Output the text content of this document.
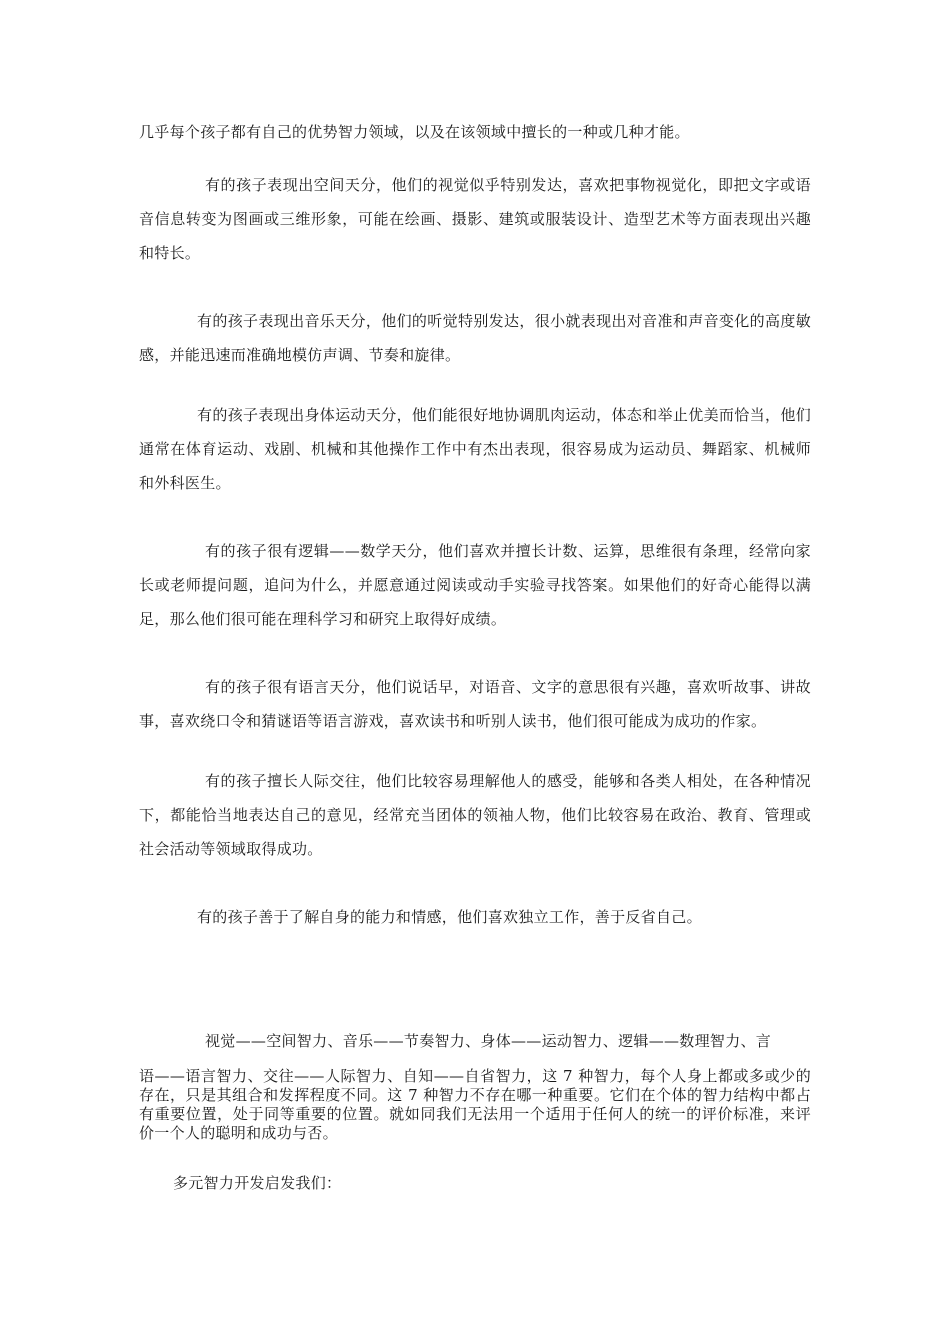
几乎每个孩子都有自己的优势智力领域，以及在该领域中擅长的一种或几种才能。

有的孩子表现出空间天分，他们的视觉似乎特别发达，喜欢把事物视觉化，即把文字或语音信息转变为图画或三维形象，可能在绘画、摄影、建筑或服装设计、造型艺术等方面表现出兴趣和特长。

有的孩子表现出音乐天分，他们的听觉特别发达，很小就表现出对音准和声音变化的高度敏感，并能迅速而准确地模仿声调、节奏和旋律。

有的孩子表现出身体运动天分，他们能很好地协调肌肉运动，体态和举止优美而恰当，他们通常在体育运动、戏剧、机械和其他操作工作中有杰出表现，很容易成为运动员、舞蹈家、机械师和外科医生。

有的孩子很有逻辑——数学天分，他们喜欢并擅长计数、运算，思维很有条理，经常向家长或老师提问题，追问为什么，并愿意通过阅读或动手实验寻找答案。如果他们的好奇心能得以满足，那么他们很可能在理科学习和研究上取得好成绩。

有的孩子很有语言天分，他们说话早，对语音、文字的意思很有兴趣，喜欢听故事、讲故事，喜欢绕口令和猜谜语等语言游戏，喜欢读书和听别人读书，他们很可能成为成功的作家。

有的孩子擅长人际交往，他们比较容易理解他人的感受，能够和各类人相处，在各种情况下，都能恰当地表达自己的意见，经常充当团体的领袖人物，他们比较容易在政治、教育、管理或社会活动等领域取得成功。

有的孩子善于了解自身的能力和情感，他们喜欢独立工作，善于反省自己。

视觉——空间智力、音乐——节奏智力、身体——运动智力、逻辑——数理智力、言

语——语言智力、交往——人际智力、自知——自省智力，这 7 种智力，每个人身上都或多或少的存在，只是其组合和发挥程度不同。这 7 种智力不存在哪一种重要。它们在个体的智力结构中都占有重要位置，处于同等重要的位置。就如同我们无法用一个适用于任何人的统一的评价标准，来评价一个人的聪明和成功与否。

多元智力开发启发我们：
